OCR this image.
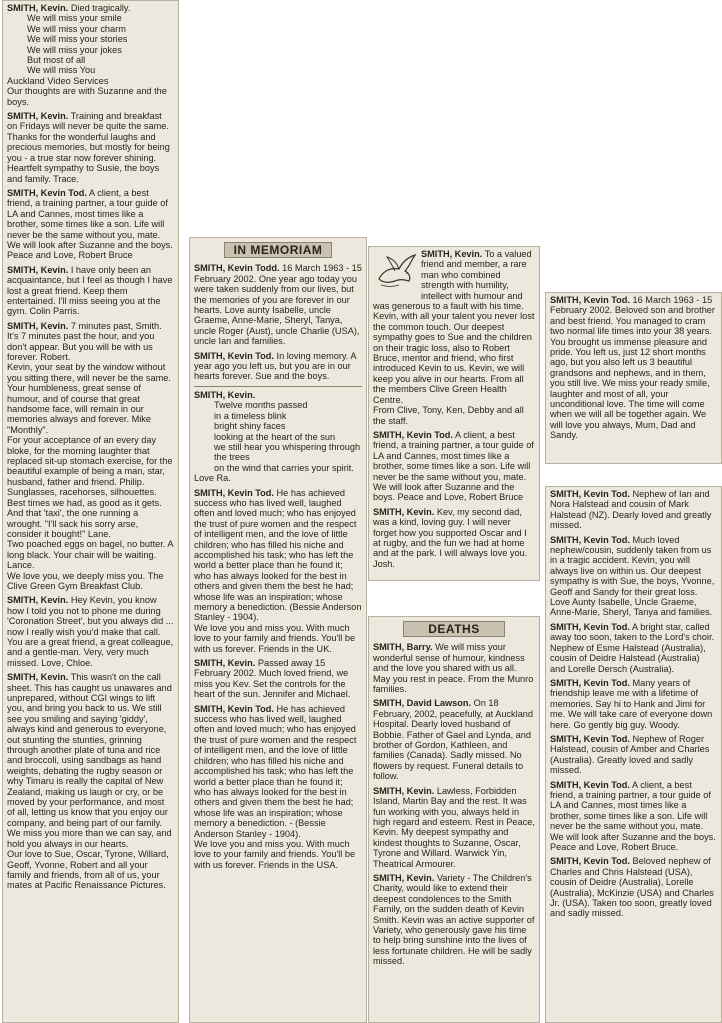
SMITH, Kevin. Died tragically.
We will miss your smile
We will miss your charm
We will miss your stories
We will miss your jokes
But most of all
We will miss You
Auckland Video Services
Our thoughts are with Suzanne and the boys.
SMITH, Kevin. Training and breakfast on Fridays will never be quite the same. Thanks for the wonderful laughs and precious memories, but mostly for being you - a true star now forever shining. Heartfelt sympathy to Susie, the boys and family. Trace.
SMITH, Kevin Tod. A client, a best friend, a training partner, a tour guide of LA and Cannes, most times like a brother, some times like a son. Life will never be the same without you, mate. We will look after Suzanne and the boys. Peace and Love, Robert Bruce
SMITH, Kevin. I have only been an acquaintance, but I feel as though I have lost a great friend. Keep them entertained. I'll miss seeing you at the gym. Colin Parris.
SMITH, Kevin. 7 minutes past, Smith. It's 7 minutes past the hour, and you don't appear. But you will be with us forever. Robert.
Kevin, your seat by the window without you sitting there, will never be the same. Your humbleness, great sense of humour, and of course that great handsome face, will remain in our memories always and forever. Mike "Monthly".
For your acceptance of an every day bloke, for the morning laughter that replaced sit-up stomach exercise, for the beautiful example of being a man, star, husband, father and friend. Philip.
Sunglasses, racehorses, silhouettes. Best times we had, as good as it gets. And that 'taxi', the one running a wrought. "I'll sack his sorry arse, consider it bought!" Lane.
Two poached eggs on bagel, no butter. A long black. Your chair will be waiting. Lance.
We love you, we deeply miss you. The Clive Green Gym Breakfast Club.
SMITH, Kevin. Hey Kevin, you know how I told you not to phone me during 'Coronation Street', but you always did ... now I really wish you'd make that call. You are a great friend, a great colleague, and a gentle-man. Very, very much missed. Love, Chloe.
SMITH, Kevin. This wasn't on the call sheet. This has caught us unawares and unprepared, without CGI wings to lift you, and bring you back to us. We still see you smiling and saying 'giddy', always kind and generous to everyone, out stunting the stunties, grinning through another plate of tuna and rice and broccoli, using sandbags as hand weights, debating the rugby season or why Timaru is really the capital of New Zealand, making us laugh or cry, or be moved by your performance, and most of all, letting us know that you enjoy our company, and being part of our family.
We miss you more than we can say, and hold you always in our hearts.
Our love to Sue, Oscar, Tyrone, Willard, Geoff, Yvonne, Robert and all your family and friends, from all of us, your mates at Pacific Renaissance Pictures.
IN MEMORIAM
SMITH, Kevin Todd. 16 March 1963 - 15 February 2002. One year ago today you were taken suddenly from our lives, but the memories of you are forever in our hearts. Love aunty Isabelle, uncle Graeme, Anne-Marie, Sheryl, Tanya, uncle Roger (Aust), uncle Charlie (USA), uncle Ian and families.
SMITH, Kevin Tod. In loving memory. A year ago you left us, but you are in our hearts forever. Sue and the boys.
SMITH, Kevin.
Twelve months passed
in a timeless blink
bright shiny faces
looking at the heart of the sun
we still hear you whispering through the trees
on the wind that carries your spirit.
Love Ra.
SMITH, Kevin Tod. He has achieved success who has lived well, laughed often and loved much; who has enjoyed the trust of pure women and the respect of intelligent men, and the love of little children; who has filled his niche and accomplished his task; who has left the world a better place than he found it; who has always looked for the best in others and given them the best he had; whose life was an inspiration; whose memory a benediction. (Bessie Anderson Stanley - 1904).
We love you and miss you. With much love to your family and friends. You'll be with us forever. Friends in the UK.
SMITH, Kevin. Passed away 15 February 2002. Much loved friend, we miss you Kev. Set the controls for the heart of the sun. Jennifer and Michael.
SMITH, Kevin Tod. He has achieved success who has lived well, laughed often and loved much; who has enjoyed the trust of pure women and the respect of intelligent men, and the love of little children; who has filled his niche and accomplished his task; who has left the world a better place than he found it; who has always looked for the best in others and given them the best he had; whose life was an inspiration; whose memory a benediction. - (Bessie Anderson Stanley - 1904).
We love you and miss you. With much love to your family and friends. You'll be with us forever. Friends in the USA.
SMITH, Kevin. To a valued friend and member, a rare man who combined strength with humility, intellect with humour and was generous to a fault with his time. Kevin, with all your talent you never lost the common touch. Our deepest sympathy goes to Sue and the children on their tragic loss, also to Robert Bruce, mentor and friend, who first introduced Kevin to us. Kevin, we will keep you alive in our hearts. From all the members Clive Green Health Centre.
From Clive, Tony, Ken, Debby and all the staff.
SMITH, Kevin Tod. A client, a best friend, a training partner, a tour guide of LA and Cannes, most times like a brother, some times like a son. Life will never be the same without you, mate. We will look after Suzanne and the boys. Peace and Love, Robert Bruce
SMITH, Kevin. Kev, my second dad, was a kind, loving guy. I will never forget how you supported Oscar and I at rugby, and the fun we had at home and at the park. I will always love you. Josh.
DEATHS
SMITH, Barry. We will miss your wonderful sense of humour, kindness and the love you shared with us all. May you rest in peace. From the Munro families.
SMITH, David Lawson. On 18 February, 2002, peacefully, at Auckland Hospital. Dearly loved husband of Bobbie. Father of Gael and Lynda, and brother of Gordon, Kathleen, and families (Canada). Sadly missed. No flowers by request. Funeral details to follow.
SMITH, Kevin. Lawless, Forbidden Island, Martin Bay and the rest. It was fun working with you, always held in high regard and esteem. Rest in Peace, Kevin. My deepest sympathy and kindest thoughts to Suzanne, Oscar, Tyrone and Willard. Warwick Yin, Theatrical Armourer.
SMITH, Kevin. Variety - The Children's Charity, would like to extend their deepest condolences to the Smith Family, on the sudden death of Kevin Smith. Kevin was an active supporter of Variety, who generously gave his time to help bring sunshine into the lives of less fortunate children. He will be sadly missed.
SMITH, Kevin Tod. 16 March 1963 - 15 February 2002. Beloved son and brother and best friend. You managed to cram two normal life times into your 38 years. You brought us immense pleasure and pride. You left us, just 12 short months ago, but you also left us 3 beautiful grandsons and nephews, and in them, you still live. We miss your ready smile, laughter and most of all, your unconditional love. The time will come when we will all be together again. We will love you always, Mum, Dad and Sandy.
SMITH, Kevin Tod. Nephew of Ian and Nora Halstead and cousin of Mark Halstead (NZ). Dearly loved and greatly missed.
SMITH, Kevin Tod. Much loved nephew/cousin, suddenly taken from us in a tragic accident. Kevin, you will always live on within us. Our deepest sympathy is with Sue, the boys, Yvonne, Geoff and Sandy for their great loss. Love Aunty Isabelle, Uncle Graeme, Anne-Marie, Sheryl, Tanya and families.
SMITH, Kevin Tod. A bright star, called away too soon, taken to the Lord's choir. Nephew of Esme Halstead (Australia), cousin of Deidre Halstead (Australia) and Lorelle Dersch (Australia).
SMITH, Kevin Tod. Many years of friendship leave me with a lifetime of memories. Say hi to Hank and Jimi for me. We will take care of everyone down here. Go gently big guy. Woody.
SMITH, Kevin Tod. Nephew of Roger Halstead, cousin of Amber and Charles (Australia). Greatly loved and sadly missed.
SMITH, Kevin Tod. A client, a best friend, a training partner, a tour guide of LA and Cannes, most times like a brother, some times like a son. Life will never be the same without you, mate. We will look after Suzanne and the boys. Peace and Love, Robert Bruce.
SMITH, Kevin Tod. Beloved nephew of Charles and Chris Halstead (USA), cousin of Deidre (Australia), Lorelle (Australia), McKinzie (USA) and Charles Jr. (USA). Taken too soon, greatly loved and sadly missed.
